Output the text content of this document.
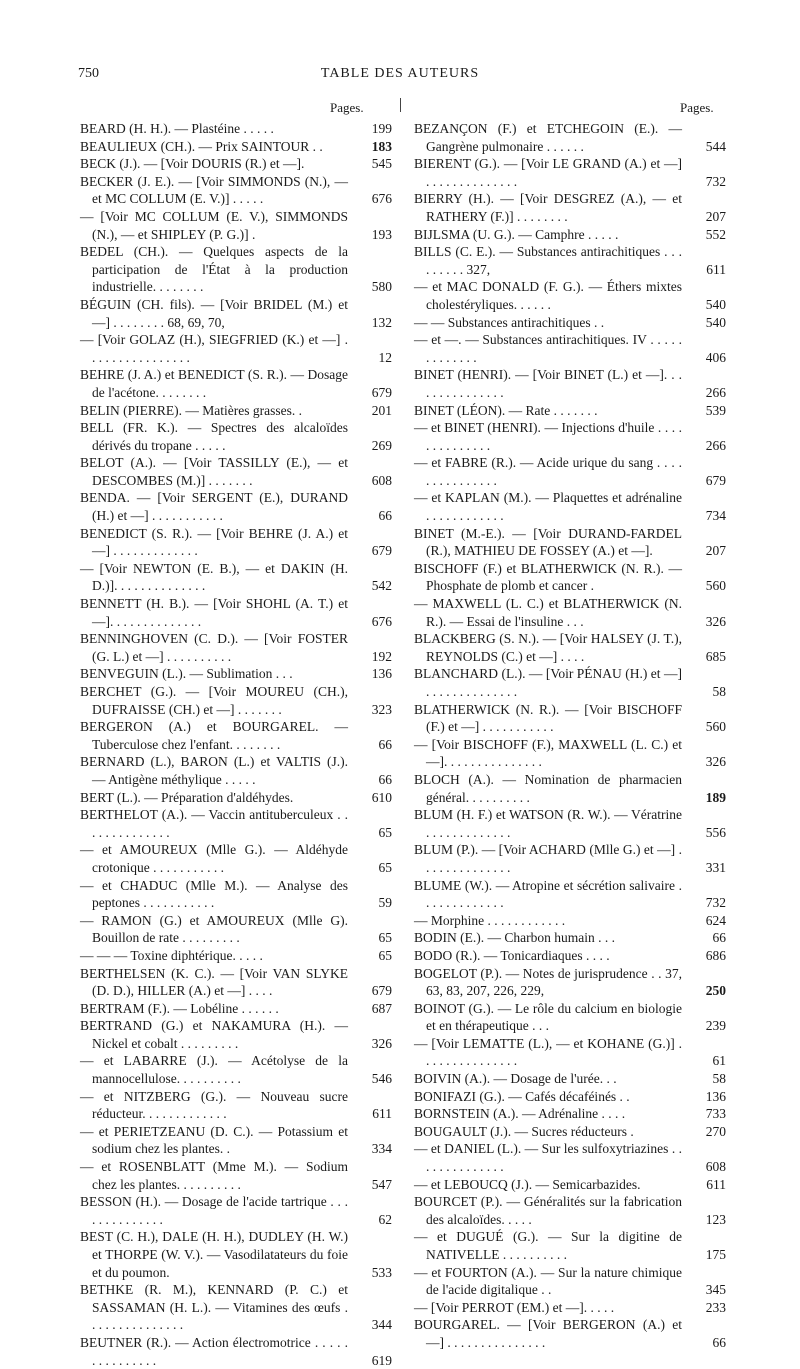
750	TABLE DES AUTEURS
Pages.	Pages.
BEARD (H. H.). — Plastéine . . . . .	199
BEAULIEUX (CH.). — Prix SAINTOUR . .	183
BECK (J.). — [Voir DOURIS (R.) et —].	545
BECKER (J. E.). — [Voir SIMMONDS (N.), — et MC COLLUM (E. V.)] . . . . .	676
— [Voir MC COLLUM (E. V.), SIMMONDS (N.), — et SHIPLEY (P. G.)] .	193
BEDEL (CH.). — Quelques aspects de la participation de l'État à la production industrielle. . . . . . . .	580
BÉGUIN (CH. fils). — [Voir BRIDEL (M.) et —] . . . . . . . . 68, 69, 70,	132
— [Voir GOLAZ (H.), SIEGFRIED (K.) et —] . . . . . . . . . . . . . . . .	12
BEHRE (J. A.) et BENEDICT (S. R.). — Dosage de l'acétone. . . . . . . .	679
BELIN (PIERRE). — Matières grasses. .	201
BELL (FR. K.). — Spectres des alcaloïdes dérivés du tropane . . . . .	269
BELOT (A.). — [Voir TASSILLY (E.), — et DESCOMBES (M.)] . . . . . . .	608
BENDA. — [Voir SERGENT (E.), DURAND (H.) et —] . . . . . . . . . . .	66
BENEDICT (S. R.). — [Voir BEHRE (J. A.) et —] . . . . . . . . . . . . .	679
— [Voir NEWTON (E. B.), — et DAKIN (H. D.)]. . . . . . . . . . . . . .	542
BENNETT (H. B.). — [Voir SHOHL (A. T.) et —]. . . . . . . . . . . . . .	676
BENNINGHOVEN (C. D.). — [Voir FOSTER (G. L.) et —] . . . . . . . . . .	192
BENVEGUIN (L.). — Sublimation . . .	136
BERCHET (G.). — [Voir MOUREU (CH.), DUFRAISSE (CH.) et —] . . . . . . .	323
BERGERON (A.) et BOURGAREL. — Tuberculose chez l'enfant. . . . . . . .	66
BERNARD (L.), BARON (L.) et VALTIS (J.). — Antigène méthylique . . . . .	66
BERT (L.). — Préparation d'aldéhydes.	610
BERTHELOT (A.). — Vaccin antituberculeux . . . . . . . . . . . . . .	65
— et AMOUREUX (Mlle G.). — Aldéhyde crotonique . . . . . . . . . . .	65
— et CHADUC (Mlle M.). — Analyse des peptones . . . . . . . . . . .	59
— RAMON (G.) et AMOUREUX (Mlle G). Bouillon de rate . . . . . . . . .	65
— — — Toxine diphtérique. . . . .	65
BERTHELSEN (K. C.). — [Voir VAN SLYKE (D. D.), HILLER (A.) et —] . . . .	679
BERTRAM (F.). — Lobéline . . . . . .	687
BERTRAND (G.) et NAKAMURA (H.). — Nickel et cobalt . . . . . . . . .	326
— et LABARRE (J.). — Acétolyse de la mannocellulose. . . . . . . . . .	546
— et NITZBERG (G.). — Nouveau sucre réducteur. . . . . . . . . . . . .	611
— et PERIETZEANU (D. C.). — Potassium et sodium chez les plantes. .	334
— et ROSENBLATT (Mme M.). — Sodium chez les plantes. . . . . . . . . .	547
BESSON (H.). — Dosage de l'acide tartrique . . . . . . . . . . . . . .	62
BEST (C. H.), DALE (H. H.), DUDLEY (H. W.) et THORPE (W. V.). — Vasodilatateurs du foie et du poumon.	533
BETHKE (R. M.), KENNARD (P. C.) et SASSAMAN (H. L.). — Vitamines des œufs . . . . . . . . . . . . . . .	344
BEUTNER (R.). — Action électromotrice . . . . . . . . . . . . . . .	619
BEZANÇON (F.) et ETCHEGOIN (E.). — Gangrène pulmonaire . . . . . .	544
BIERENT (G.). — [Voir LE GRAND (A.) et —] . . . . . . . . . . . . . .	732
BIERRY (H.). — [Voir DESGREZ (A.), — et RATHERY (F.)] . . . . . . . .	207
BIJLSMA (U. G.). — Camphre . . . . .	552
BILLS (C. E.). — Substances antirachitiques . . . . . . . . . 327,	611
— et MAC DONALD (F. G.). — Éthers mixtes cholestéryliques. . . . . .	540
— — Substances antirachitiques . .	540
— et —. — Substances antirachitiques. IV . . . . . . . . . . . . .	406
BINET (HENRI). — [Voir BINET (L.) et —]. . . . . . . . . . . . . . .	266
BINET (LÉON). — Rate . . . . . . .	539
— et BINET (HENRI). — Injections d'huile . . . . . . . . . . . . . .	266
— et FABRE (R.). — Acide urique du sang . . . . . . . . . . . . . . .	679
— et KAPLAN (M.). — Plaquettes et adrénaline . . . . . . . . . . . .	734
BINET (M.-E.). — [Voir DURAND-FARDEL (R.), MATHIEU DE FOSSEY (A.) et —].	207
BISCHOFF (F.) et BLATHERWICK (N. R.). — Phosphate de plomb et cancer .	560
— MAXWELL (L. C.) et BLATHERWICK (N. R.). — Essai de l'insuline . . .	326
BLACKBERG (S. N.). — [Voir HALSEY (J. T.), REYNOLDS (C.) et —] . . . .	685
BLANCHARD (L.). — [Voir PÉNAU (H.) et —] . . . . . . . . . . . . . .	58
BLATHERWICK (N. R.). — [Voir BISCHOFF (F.) et —] . . . . . . . . . . .	560
— [Voir BISCHOFF (F.), MAXWELL (L. C.) et —]. . . . . . . . . . . . . . .	326
BLOCH (A.). — Nomination de pharmacien général. . . . . . . . . .	189
BLUM (H. F.) et WATSON (R. W.). — Vératrine . . . . . . . . . . . . .	556
BLUM (P.). — [Voir ACHARD (Mlle G.) et —] . . . . . . . . . . . . . .	331
BLUME (W.). — Atropine et sécrétion salivaire . . . . . . . . . . . . .	732
— Morphine . . . . . . . . . . . .	624
BODIN (E.). — Charbon humain . . .	66
BODO (R.). — Tonicardiaques . . . .	686
BOGELOT (P.). — Notes de jurisprudence . . 37, 63, 83, 207, 226, 229,	250
BOINOT (G.). — Le rôle du calcium en biologie et en thérapeutique . . .	239
— [Voir LEMATTE (L.), — et KOHANE (G.)] . . . . . . . . . . . . . . .	61
BOIVIN (A.). — Dosage de l'urée. . .	58
BONIFAZI (G.). — Cafés décaféinés . .	136
BORNSTEIN (A.). — Adrénaline . . . .	733
BOUGAULT (J.). — Sucres réducteurs .	270
— et DANIEL (L.). — Sur les sulfoxytriazines . . . . . . . . . . . . . .	608
— et LEBOUCQ (J.). — Semicarbazides.	611
BOURCET (P.). — Généralités sur la fabrication des alcaloïdes. . . . .	123
— et DUGUÉ (G.). — Sur la digitine de NATIVELLE . . . . . . . . . .	175
— et FOURTON (A.). — Sur la nature chimique de l'acide digitalique . .	345
— [Voir PERROT (EM.) et —]. . . . .	233
BOURGAREL. — [Voir BERGERON (A.) et —] . . . . . . . . . . . . . . .	66
